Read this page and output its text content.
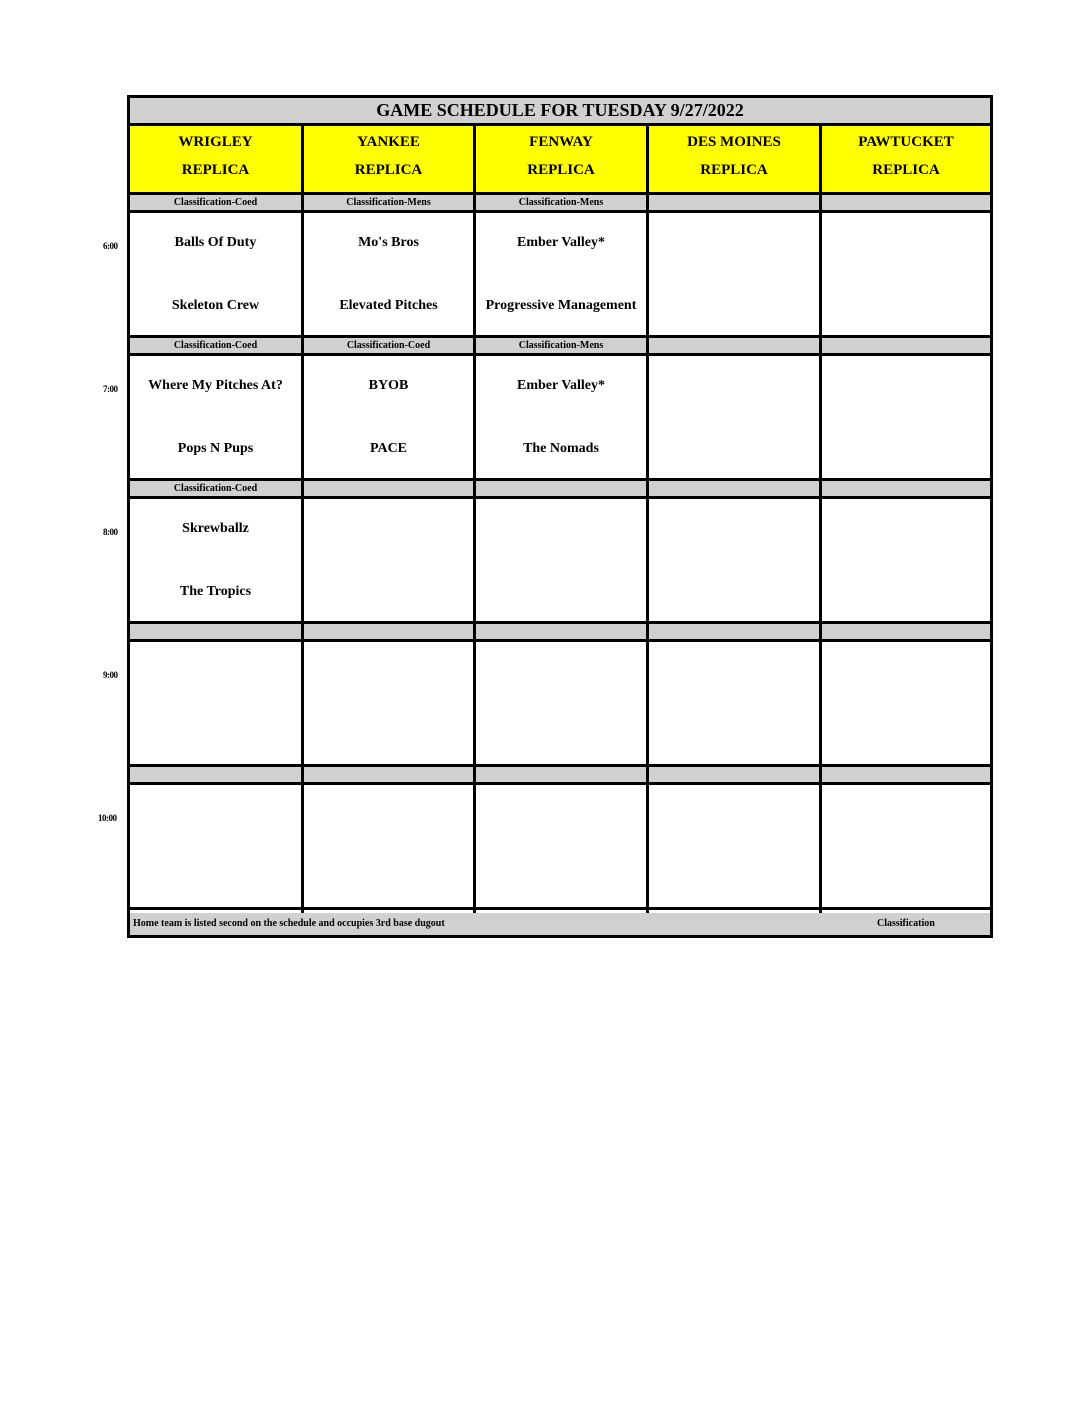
6:00
7:00
8:00
9:00
10:00
GAME SCHEDULE FOR TUESDAY 9/27/2022
WRIGLEY
REPLICA
YANKEE
REPLICA
FENWAY
REPLICA
DES MOINES
REPLICA
PAWTUCKET
REPLICA
Classification-Coed
Balls Of Duty
Skeleton Crew
Classification-Mens
Mo's Bros
Elevated Pitches
Classification-Mens
Ember Valley*
Progressive Management
Classification-Coed
Where My Pitches At?
Pops N Pups
Classification-Coed
BYOB
PACE
Classification-Mens
Ember Valley*
The Nomads
Classification-Coed
Skrewballz
The Tropics
Home team is listed second on the schedule and occupies 3rd base dugout	Classification
